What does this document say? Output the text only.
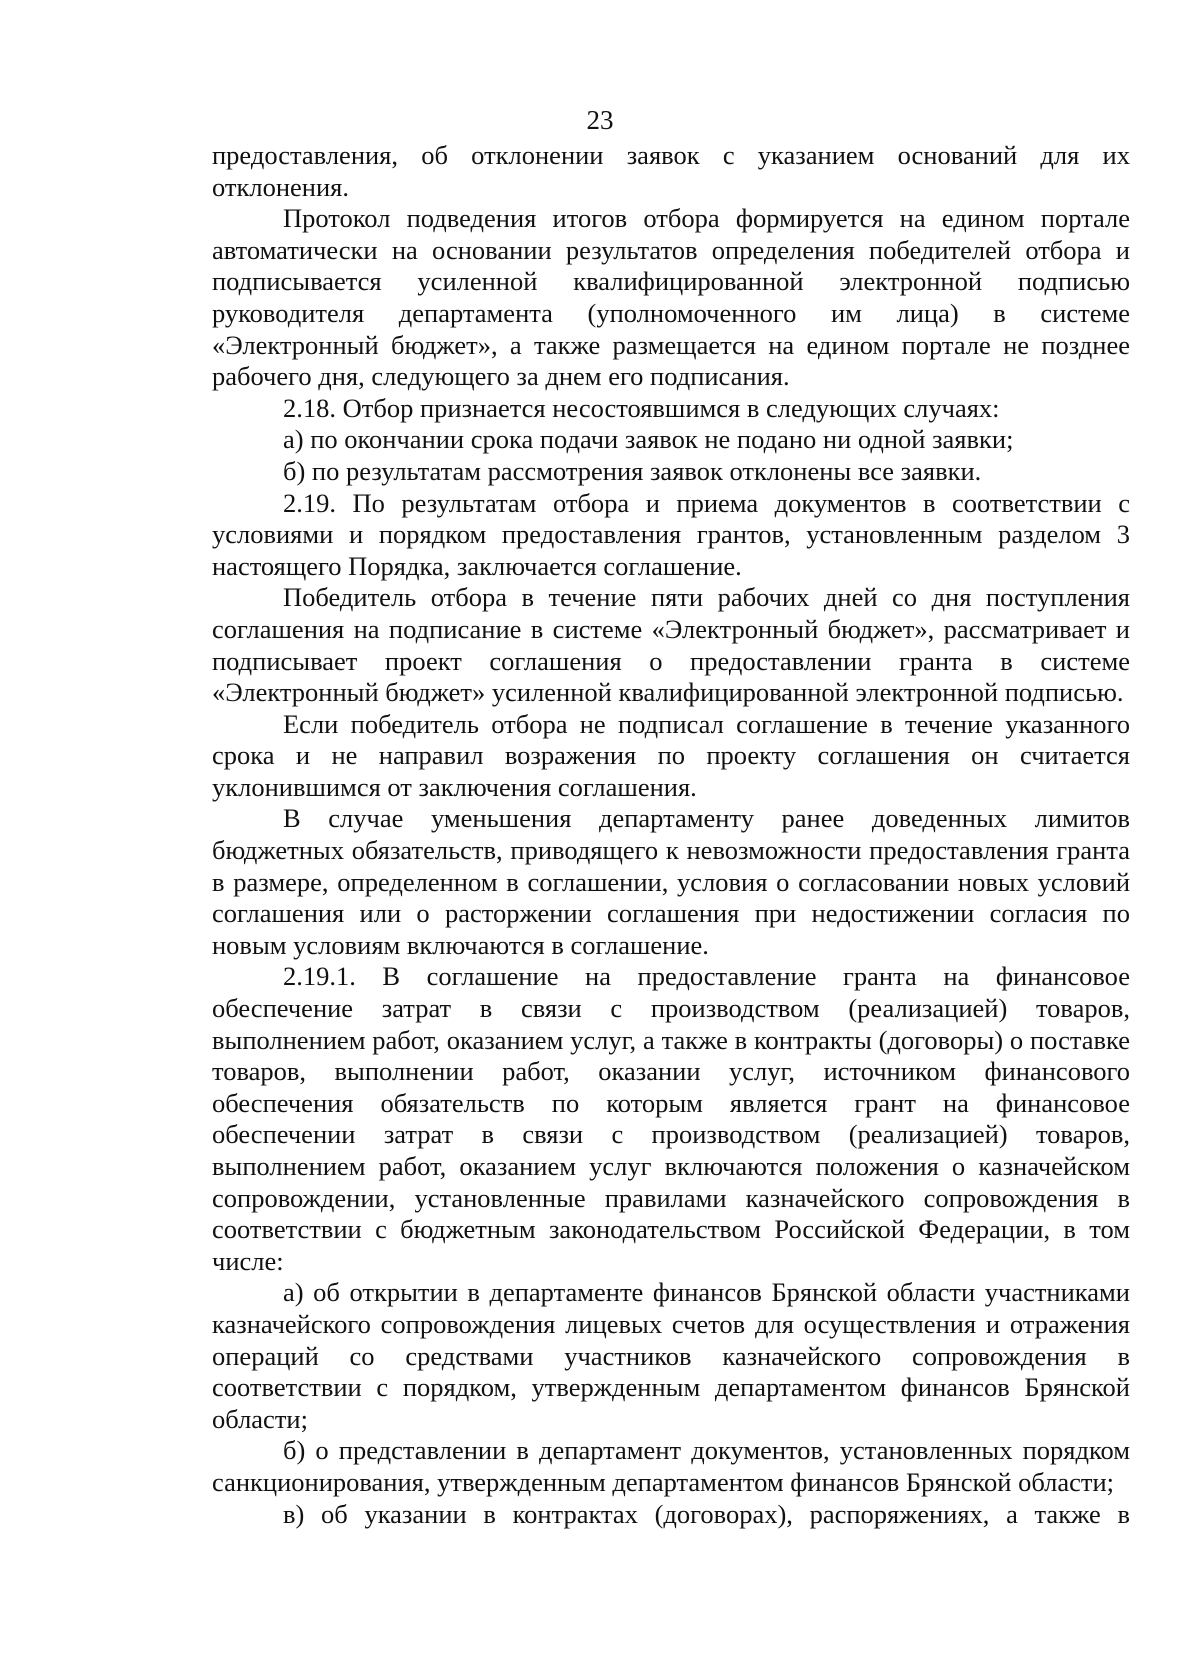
23

предоставления, об отклонении заявок с указанием оснований для их отклонения.

Протокол подведения итогов отбора формируется на едином портале автоматически на основании результатов определения победителей отбора и подписывается усиленной квалифицированной электронной подписью руководителя департамента (уполномоченного им лица) в системе «Электронный бюджет», а также размещается на едином портале не позднее рабочего дня, следующего за днем его подписания.

2.18. Отбор признается несостоявшимся в следующих случаях:

а) по окончании срока подачи заявок не подано ни одной заявки;

б) по результатам рассмотрения заявок отклонены все заявки.

2.19. По результатам отбора и приема документов в соответствии с условиями и порядком предоставления грантов, установленным разделом 3 настоящего Порядка, заключается соглашение.

Победитель отбора в течение пяти рабочих дней со дня поступления соглашения на подписание в системе «Электронный бюджет», рассматривает и подписывает проект соглашения о предоставлении гранта в системе «Электронный бюджет» усиленной квалифицированной электронной подписью.

Если победитель отбора не подписал соглашение в течение указанного срока и не направил возражения по проекту соглашения он считается уклонившимся от заключения соглашения.

В случае уменьшения департаменту ранее доведенных лимитов бюджетных обязательств, приводящего к невозможности предоставления гранта в размере, определенном в соглашении, условия о согласовании новых условий соглашения или о расторжении соглашения при недостижении согласия по новым условиям включаются в соглашение.

2.19.1. В соглашение на предоставление гранта на финансовое обеспечение затрат в связи с производством (реализацией) товаров, выполнением работ, оказанием услуг, а также в контракты (договоры) о поставке товаров, выполнении работ, оказании услуг, источником финансового обеспечения обязательств по которым является грант на финансовое обеспечении затрат в связи с производством (реализацией) товаров, выполнением работ, оказанием услуг включаются положения о казначейском сопровождении, установленные правилами казначейского сопровождения в соответствии с бюджетным законодательством Российской Федерации, в том числе:

а) об открытии в департаменте финансов Брянской области участниками казначейского сопровождения лицевых счетов для осуществления и отражения операций со средствами участников казначейского сопровождения в соответствии с порядком, утвержденным департаментом финансов Брянской области;

б) о представлении в департамент документов, установленных порядком санкционирования, утвержденным департаментом финансов Брянской области;

в) об указании в контрактах (договорах), распоряжениях, а также в
